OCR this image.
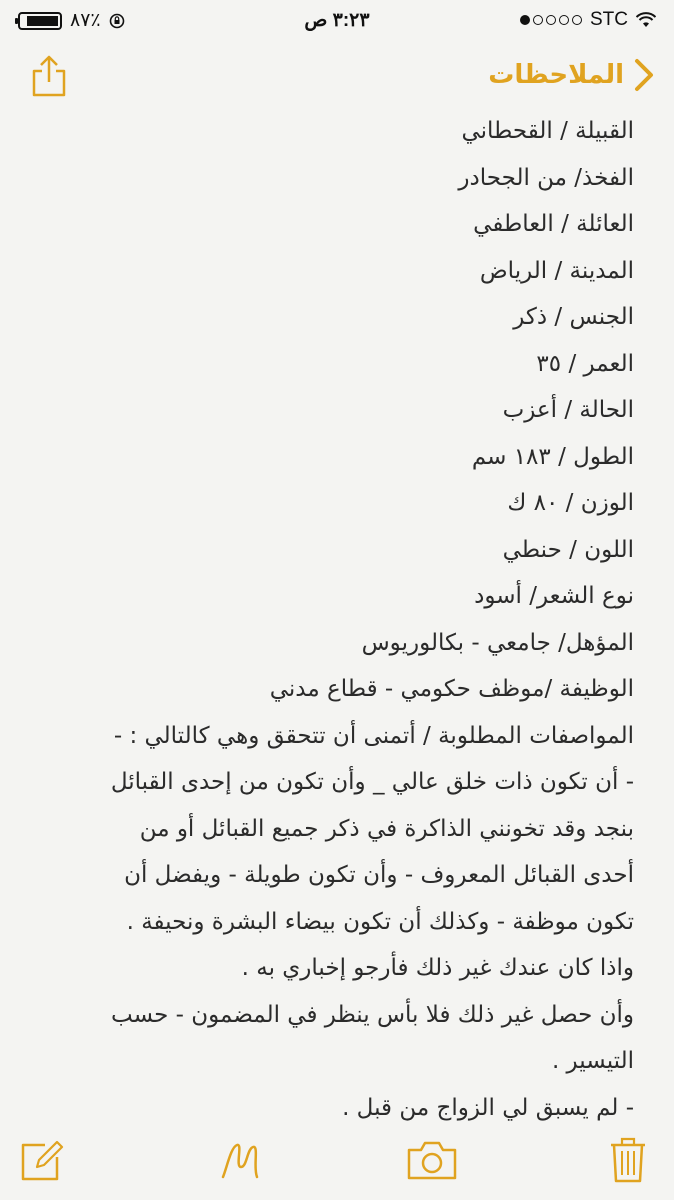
STC
٣:٢٣ ص
٨٧٪
الملاحظات
القبيلة / القحطاني
الفخذ/ من الجحادر
العائلة / العاطفي
المدينة / الرياض
الجنس / ذكر
العمر / ٣٥
الحالة / أعزب
الطول / ١٨٣ سم
الوزن / ٨٠ ك
اللون / حنطي
نوع الشعر/ أسود
المؤهل/ جامعي - بكالوريوس
الوظيفة /موظف حكومي - قطاع مدني
المواصفات المطلوبة / أتمنى أن تتحقق وهي كالتالي : -
- أن تكون ذات خلق عالي _ وأن تكون من إحدى القبائل
بنجد وقد تخونني الذاكرة في ذكر جميع القبائل أو من
أحدى القبائل المعروف - وأن تكون طويلة - ويفضل أن
تكون موظفة - وكذلك أن تكون بيضاء البشرة ونحيفة .
واذا كان عندك غير ذلك فأرجو إخباري به .
وأن حصل غير ذلك فلا بأس ينظر في المضمون - حسب
التيسير .
- لم يسبق لي الزواج من قبل .
